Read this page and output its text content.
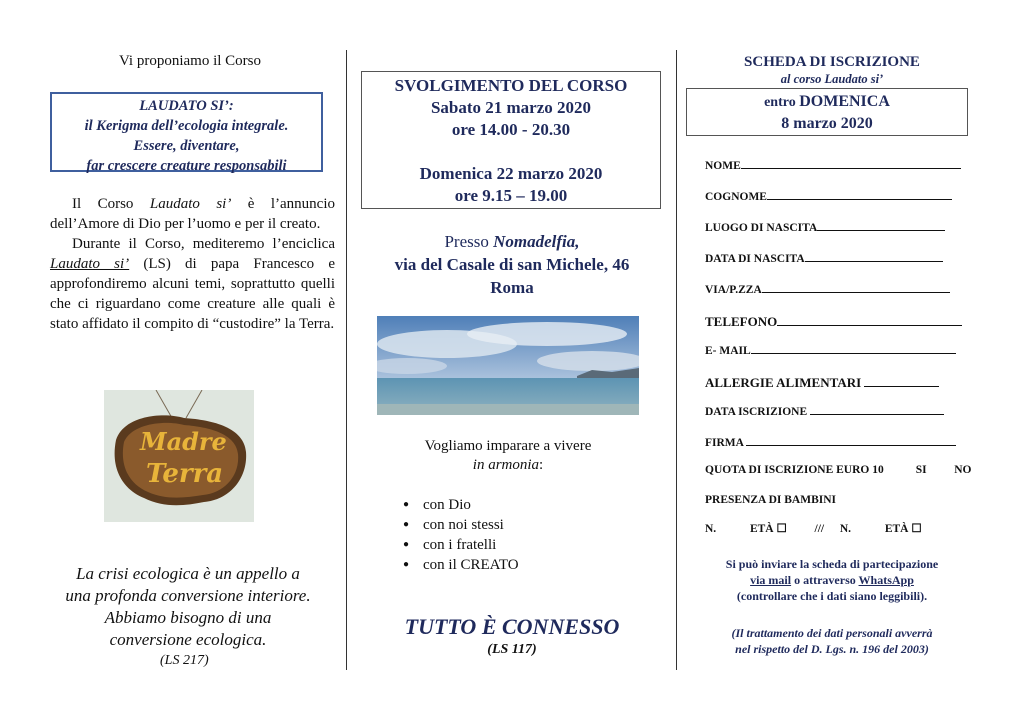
Vi proponiamo il Corso
LAUDATO SI’:
il Kerigma dell’ecologia integrale.
Essere, diventare,
far crescere creature responsabili

Il Corso Laudato si’ è l’annuncio dell’Amore di Dio per l’uomo e per il creato.

Durante il Corso, mediteremo l’enciclica Laudato si’ (LS) di papa Francesco e approfondiremo alcuni temi, soprattutto quelli che ci riguardano come creature alle quali è stato affidato il compito di “custodire” la Terra.

Madre
Terra
La crisi ecologica è un appello a
una profonda conversione interiore.
Abbiamo bisogno di una
conversione ecologica.
(LS 217)
SVOLGIMENTO DEL CORSO
Sabato 21 marzo 2020
ore 14.00 - 20.30
Domenica 22 marzo 2020
ore 9.15 – 19.00
Presso Nomadelfia,
via del Casale di san Michele, 46
Roma
Vogliamo imparare a vivere
in armonia:
● con Dio
● con noi stessi
● con i fratelli
● con il CREATO
TUTTO È CONNESSO
(LS 117)
SCHEDA DI ISCRIZIONE
al corso Laudato si’
entro DOMENICA
8 marzo 2020
NOME
COGNOME
LUOGO DI NASCITA
DATA DI NASCITA
VIA/P.ZZA
TELEFONO
E- MAIL
ALLERGIE ALIMENTARI
DATA ISCRIZIONE
FIRMA
QUOTA DI ISCRIZIONE EURO 10	SI NO
PRESENZA DI BAMBINI
N.	ETÀ ☐ /// N.	ETÀ ☐
Si può inviare la scheda di partecipazione
via mail o attraverso WhatsApp
(controllare che i dati siano leggibili).
(Il trattamento dei dati personali avverrà
nel rispetto del D. Lgs. n. 196 del 2003)
